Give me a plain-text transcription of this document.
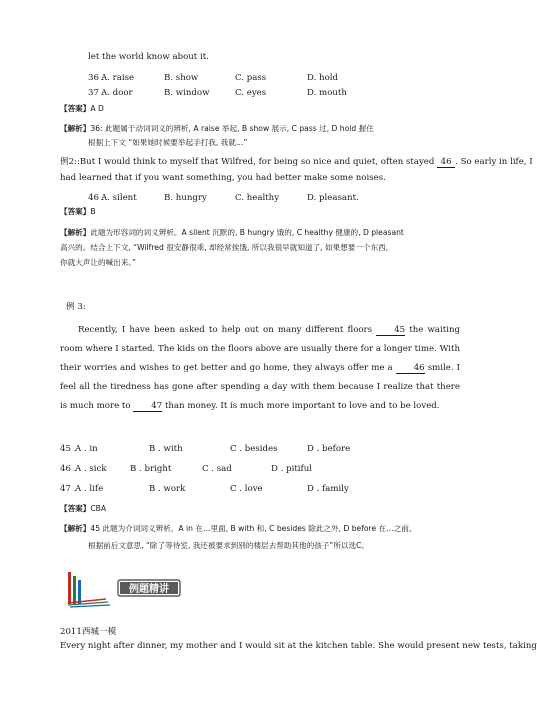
let the world know about it.
36 .
A. raise	B. show	C. pass	D. hold
37 .
A. door	B. window	C. eyes	D. mouth
【答案】A D
【解析】36: 此题属于动词词义的辨析, A raise 举起, B show 展示, C pass 过, D hold 握住
根据上下文 “如果她时候要举起手打我, 我就…”
例2::But I would think to myself that Wilfred, for being so nice and quiet, often stayed 46 . So early in life, I
had learned that if you want something, you had better make some noises.
46 .
A. silent	B. hungry	C. healthy	D. pleasant.
【答案】B
【解析】此题为形容词的词义辨析。A silent 沉默的, B hungry 饿的, C healthy 健康的, D pleasant
高兴的。结合上下文, “Wilfred 很安静很乖, 却经常挨饿, 所以我很早就知道了, 如果想要一个东西,
你就大声让的喊出来。”
例 3:
Recently, I have been asked to help out on many different floors	45 the waiting room where I started. The kids on the floors above are usually there for a longer time. With their worries and wishes to get better and go home, they always offer me a 46 smile. I feel all the tiredness has gone after spending a day with them because I realize that there is much more to 47 than money. It is much more important to love and to be loved.
45 .
A . in	B . with	C . besides	D . before
46 .
A . sick	B . bright	C . sad	D . pitiful
47 .
A . life	B . work	C . love	D . family
【答案】CBA
【解析】45 此题为介词词义辨析。A in 在…里面, B with 和, C besides 除此之外, D before 在…之前。
根据前后文意思, “除了等待室, 我还被要求到别的楼层去帮助其他的孩子”所以选C。
例题精讲
2011西城一模
Every night after dinner, my mother and I would sit at the kitchen table. She would present new tests, taking
